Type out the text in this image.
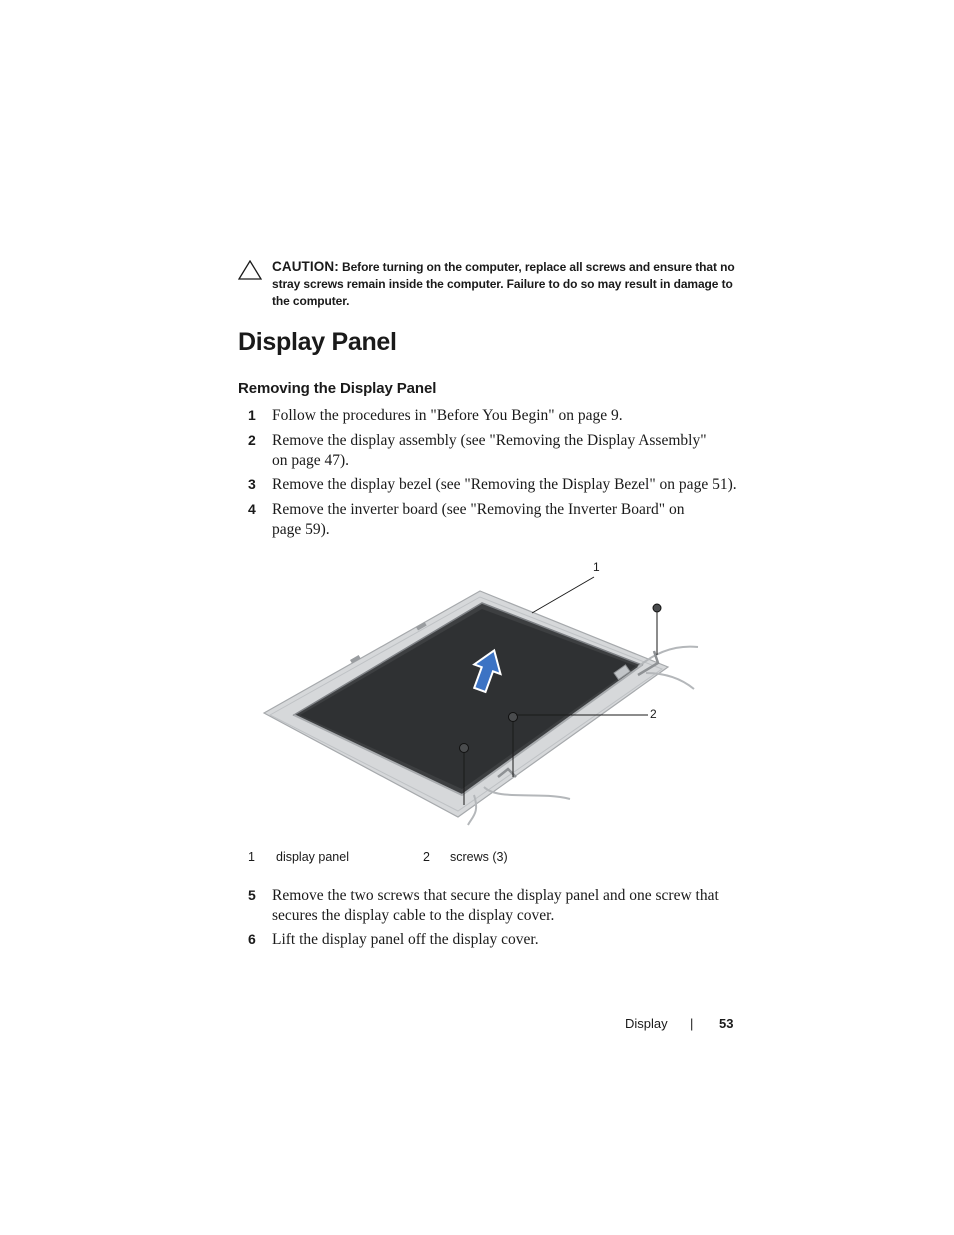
CAUTION: Before turning on the computer, replace all screws and ensure that no stray screws remain inside the computer. Failure to do so may result in damage to the computer.
Display Panel
Removing the Display Panel
1	Follow the procedures in "Before You Begin" on page 9.
2	Remove the display assembly (see "Removing the Display Assembly" on page 47).
3	Remove the display bezel (see "Removing the Display Bezel" on page 51).
4	Remove the inverter board (see "Removing the Inverter Board" on page 59).
1
2
1 display panel	2 screws (3)
5	Remove the two screws that secure the display panel and one screw that secures the display cable to the display cover.
6	Lift the display panel off the display cover.
Display | 53
